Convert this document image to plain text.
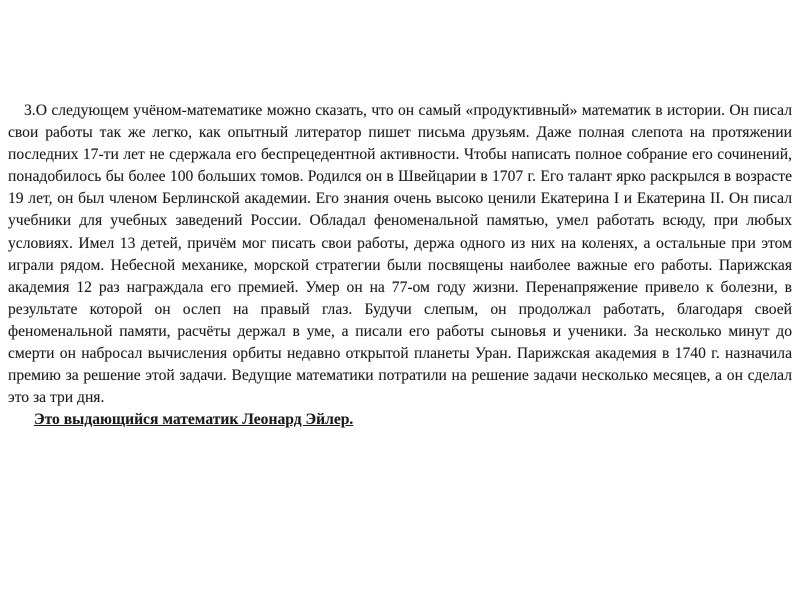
3.О следующем учёном-математике можно сказать, что он самый «продуктивный» математик в истории. Он писал свои работы так же легко, как опытный литератор пишет письма друзьям. Даже полная слепота на протяжении последних 17-ти лет не сдержала его беспрецедентной активности. Чтобы написать полное собрание его сочинений, понадобилось бы более 100 больших томов. Родился он в Швейцарии в 1707 г. Его талант ярко раскрылся в возрасте 19 лет, он был членом Берлинской академии. Его знания очень высоко ценили Екатерина I и Екатерина II. Он писал учебники для учебных заведений России. Обладал феноменальной памятью, умел работать всюду, при любых условиях. Имел 13 детей, причём мог писать свои работы, держа одного из них на коленях, а остальные при этом играли рядом. Небесной механике, морской стратегии были посвящены наиболее важные его работы. Парижская академия 12 раз награждала его премией. Умер он на 77-ом году жизни. Перенапряжение привело к болезни, в результате которой он ослеп на правый глаз. Будучи слепым, он продолжал работать, благодаря своей феноменальной памяти, расчёты держал в уме, а писали его работы сыновья и ученики. За несколько минут до смерти он набросал вычисления орбиты недавно открытой планеты Уран. Парижская академия в 1740 г. назначила премию за решение этой задачи. Ведущие математики потратили на решение задачи несколько месяцев, а он сделал это за три дня.

Это выдающийся математик Леонард Эйлер.
